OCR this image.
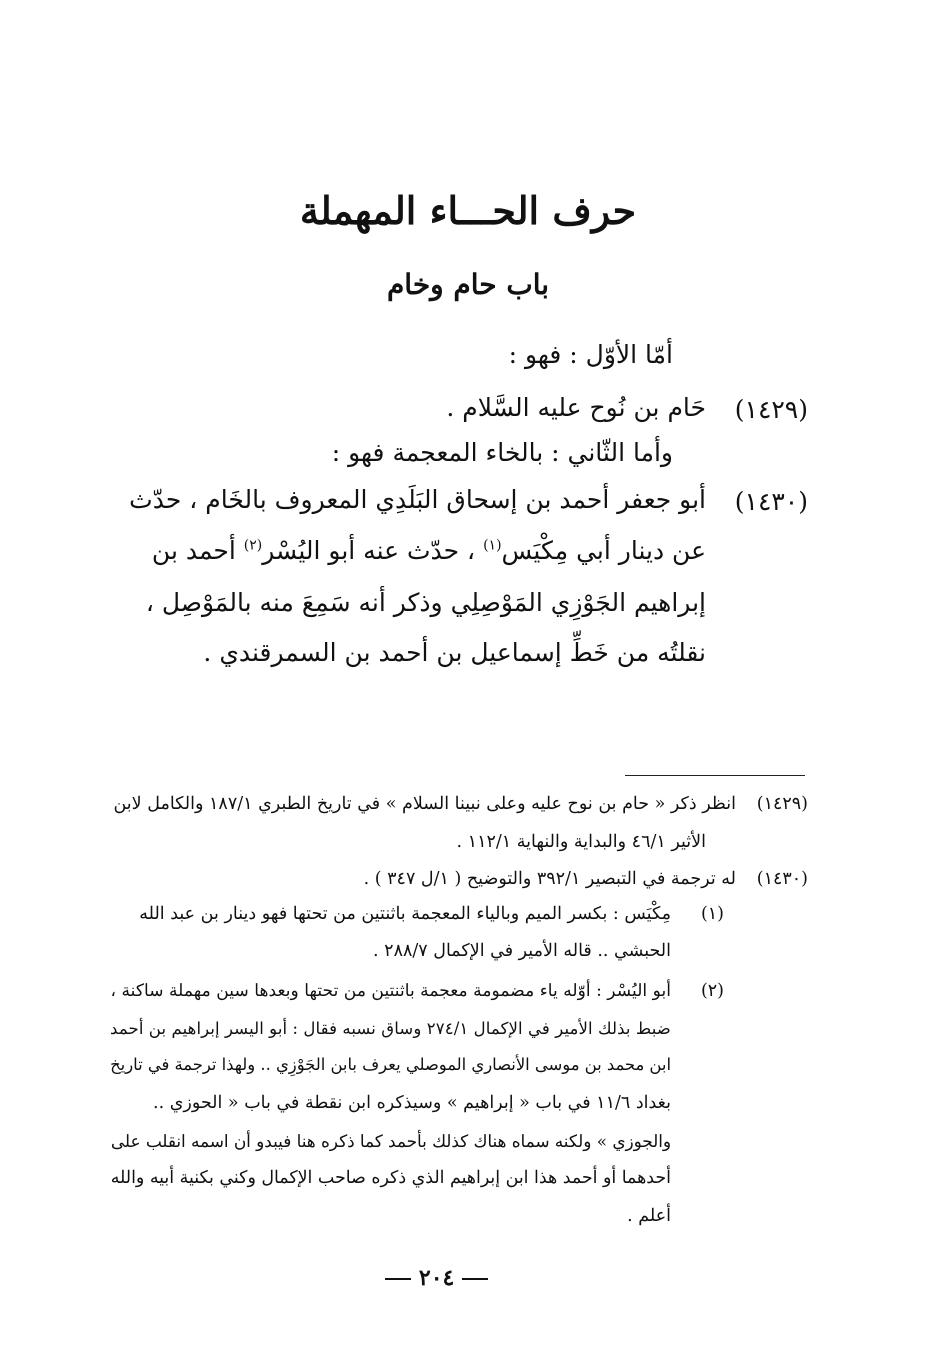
حرف الحـــاء المهملة
باب حام وخام
أمّا الأوّل : فهو :
(١٤٢٩)
حَام بن نُوح عليه السَّلام .
وأما الثّاني : بالخاء المعجمة فهو :
(١٤٣٠)
أبو جعفر أحمد بن إسحاق البَلَدِي المعروف بالخَام ، حدّث
عن دينار أبي مِكْيَس$^{(١)}$ ، حدّث عنه أبو اليُسْر$^{(٢)}$ أحمد بن
إبراهيم الجَوْزِي المَوْصِلِي وذكر أنه سَمِعَ منه بالمَوْصِل ،
نقلتُه من خَطِّ إسماعيل بن أحمد بن السمرقندي .
(١٤٢٩)
انظر ذكر « حام بن نوح عليه وعلى نبينا السلام » في تاريخ الطبري ١٨٧/١ والكامل لابن
الأثير ٤٦/١ والبداية والنهاية ١١٢/١ .
(١٤٣٠)
له ترجمة في التبصير ٣٩٢/١ والتوضيح ( ١/ل ٣٤٧ ) .
(١)
مِكْيَس : بكسر الميم وبالياء المعجمة باثنتين من تحتها فهو دينار بن عبد الله
الحبشي .. قاله الأمير في الإكمال ٢٨٨/٧ .
(٢)
أبو اليُسْر : أوّله ياء مضمومة معجمة باثنتين من تحتها وبعدها سين مهملة ساكنة ،
ضبط بذلك الأمير في الإكمال ٢٧٤/١ وساق نسبه فقال : أبو اليسر إبراهيم بن أحمد
ابن محمد بن موسى الأنصاري الموصلي يعرف بابن الجَوْزِي .. ولهذا ترجمة في تاريخ
بغداد ١١/٦ في باب « إبراهيم » وسيذكره ابن نقطة في باب « الحوزي ..
والجوزي » ولكنه سماه هناك كذلك بأحمد كما ذكره هنا فيبدو أن اسمه انقلب على
أحدهما أو أحمد هذا ابن إبراهيم الذي ذكره صاحب الإكمال وكني بكنية أبيه والله
أعلم .
٢٠٤
